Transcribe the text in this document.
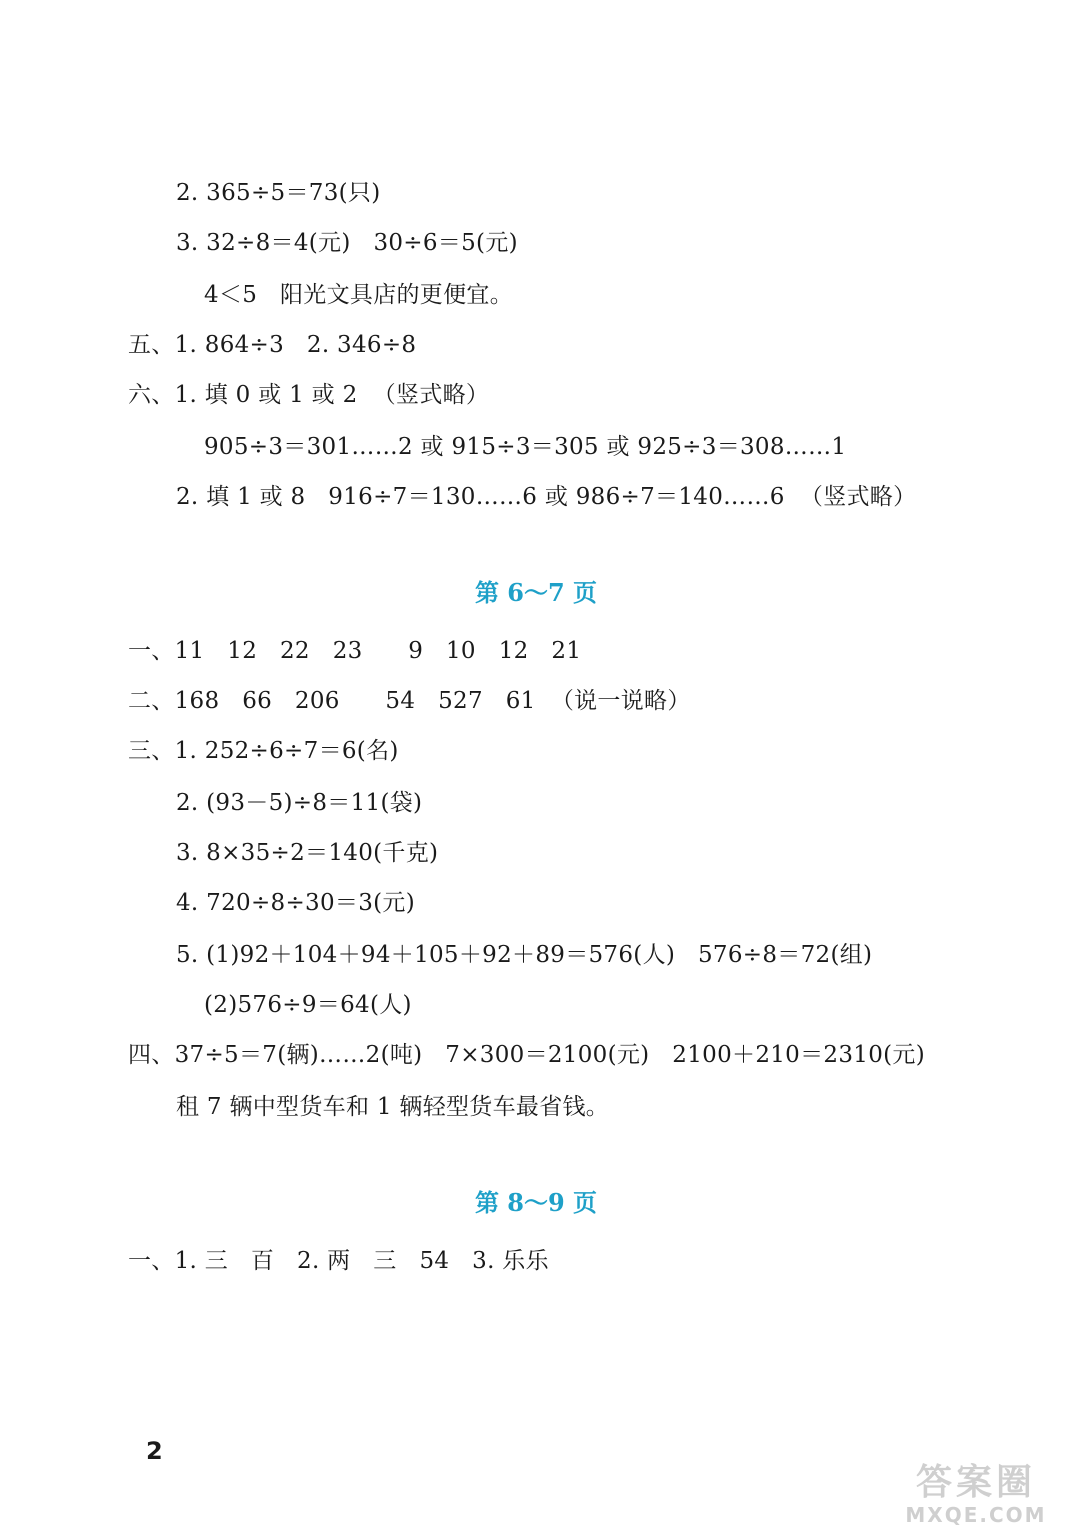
2. 365÷5＝73(只)
3. 32÷8＝4(元)   30÷6＝5(元)
4＜5   阳光文具店的更便宜。
五、1. 864÷3   2. 346÷8
六、1. 填 0 或 1 或 2  （竖式略）
905÷3＝301……2 或 915÷3＝305 或 925÷3＝308……1
2. 填 1 或 8   916÷7＝130……6 或 986÷7＝140……6  （竖式略）
第 6～7 页
一、11   12   22   23      9   10   12   21
二、168   66   206      54   527   61  （说一说略）
三、1. 252÷6÷7＝6(名)
2. (93－5)÷8＝11(袋)
3. 8×35÷2＝140(千克)
4. 720÷8÷30＝3(元)
5. (1)92＋104＋94＋105＋92＋89＝576(人)   576÷8＝72(组)
(2)576÷9＝64(人)
四、37÷5＝7(辆)……2(吨)   7×300＝2100(元)   2100＋210＝2310(元)
租 7 辆中型货车和 1 辆轻型货车最省钱。
第 8～9 页
一、1. 三   百   2. 两   三   54   3. 乐乐
2
答案圈
MXQE.COM
